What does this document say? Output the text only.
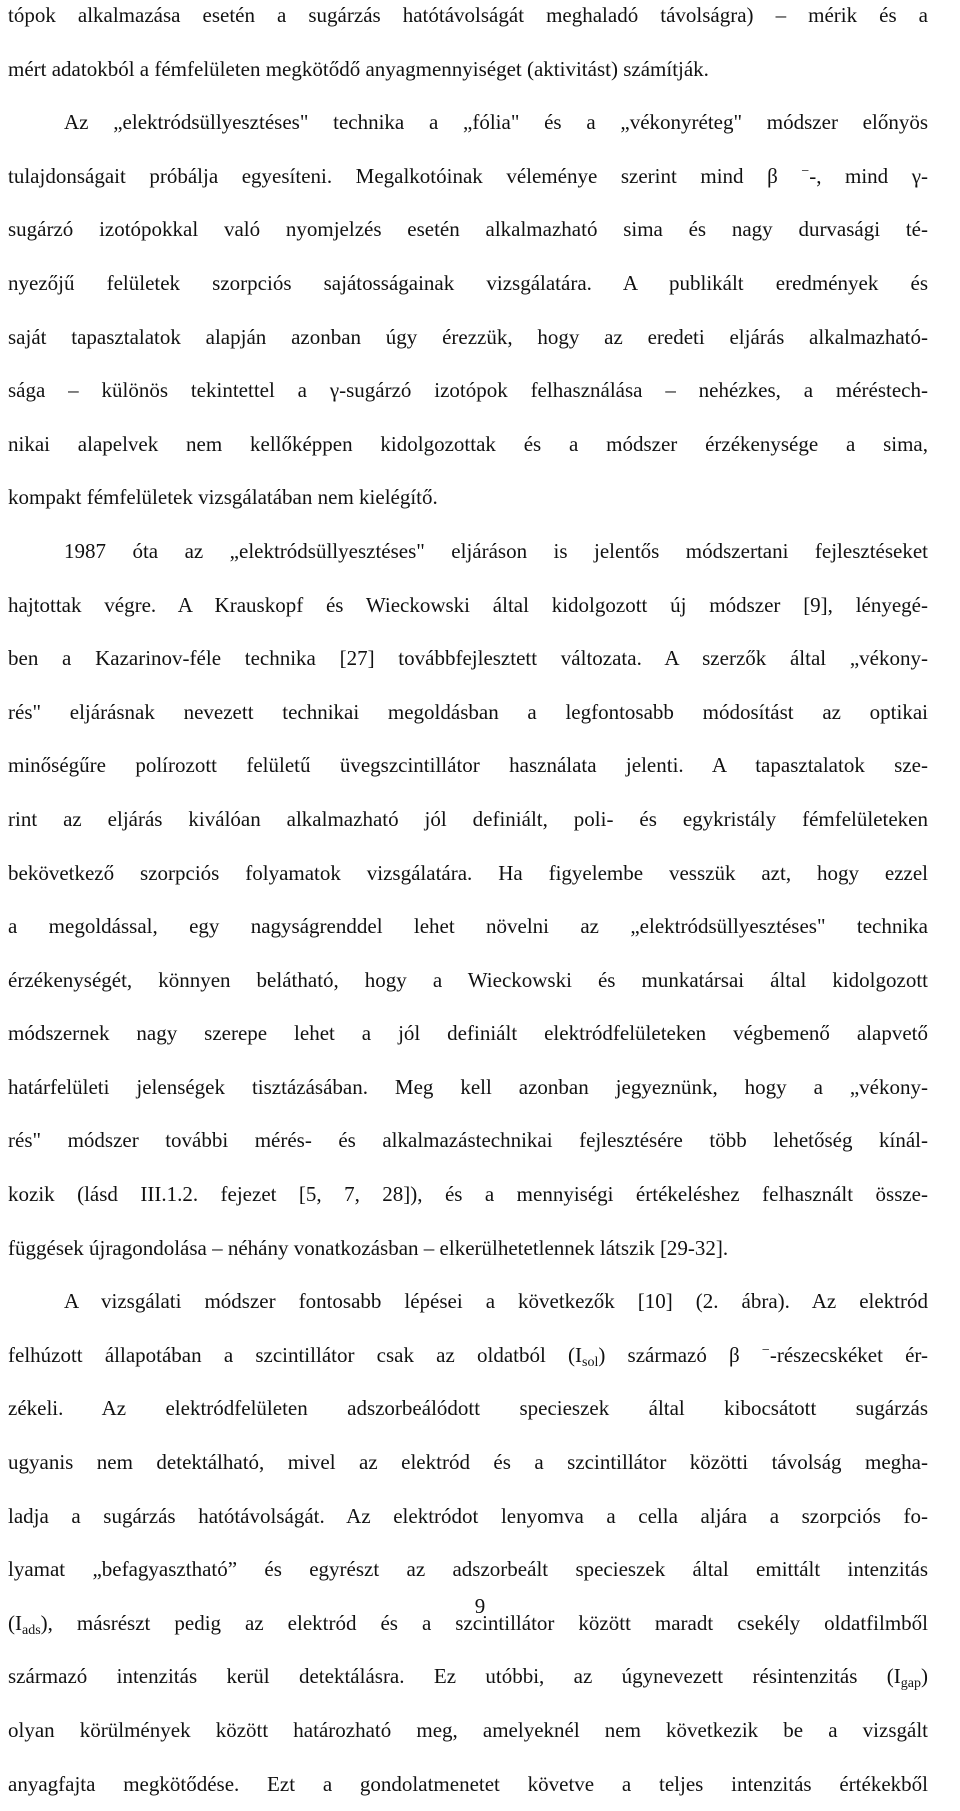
tópok alkalmazása esetén a sugárzás hatótávolságát meghaladó távolságra) – mérik és a
mért adatokból a fémfelületen megkötődő anyagmennyiséget (aktivitást) számítják.
Az „elektródsüllyesztéses" technika a „fólia" és a „vékonyréteg" módszer előnyös
tulajdonságait próbálja egyesíteni. Megalkotóinak véleménye szerint mind β −-, mind γ-
sugárzó izotópokkal való nyomjelzés esetén alkalmazható sima és nagy durvasági té-
nyezőjű felületek szorpciós sajátosságainak vizsgálatára. A publikált eredmények és
saját tapasztalatok alapján azonban úgy érezzük, hogy az eredeti eljárás alkalmazható-
sága – különös tekintettel a γ-sugárzó izotópok felhasználása – nehézkes, a méréstech-
nikai alapelvek nem kellőképpen kidolgozottak és a módszer érzékenysége a sima,
kompakt fémfelületek vizsgálatában nem kielégítő.
1987 óta az „elektródsüllyesztéses" eljáráson is jelentős módszertani fejlesztéseket
hajtottak végre. A Krauskopf és Wieckowski által kidolgozott új módszer [9], lényegé-
ben a Kazarinov-féle technika [27] továbbfejlesztett változata. A szerzők által „vékony-
rés" eljárásnak nevezett technikai megoldásban a legfontosabb módosítást az optikai
minőségűre polírozott felületű üvegszcintillátor használata jelenti. A tapasztalatok sze-
rint az eljárás kiválóan alkalmazható jól definiált, poli- és egykristály fémfelületeken
bekövetkező szorpciós folyamatok vizsgálatára. Ha figyelembe vesszük azt, hogy ezzel
a megoldással, egy nagyságrenddel lehet növelni az „elektródsüllyesztéses" technika
érzékenységét, könnyen belátható, hogy a Wieckowski és munkatársai által kidolgozott
módszernek nagy szerepe lehet a jól definiált elektródfelületeken végbemenő alapvető
határfelületi jelenségek tisztázásában. Meg kell azonban jegyeznünk, hogy a „vékony-
rés" módszer további mérés- és alkalmazástechnikai fejlesztésére több lehetőség kínál-
kozik (lásd III.1.2. fejezet [5, 7, 28]), és a mennyiségi értékeléshez felhasznált össze-
függések újragondolása – néhány vonatkozásban – elkerülhetetlennek látszik [29-32].
A vizsgálati módszer fontosabb lépései a következők [10] (2. ábra). Az elektród
felhúzott állapotában a szcintillátor csak az oldatból $(I_{sol})$ származó β −-részecskéket ér-
zékeli. Az elektródfelületen adszorbeálódott specieszek által kibocsátott sugárzás
ugyanis nem detektálható, mivel az elektród és a szcintillátor közötti távolság megha-
ladja a sugárzás hatótávolságát. Az elektródot lenyomva a cella aljára a szorpciós fo-
lyamat „befagyasztható” és egyrészt az adszorbeált specieszek által emittált intenzitás
$(I_{ads})$, másrészt pedig az elektród és a szcintillátor között maradt csekély oldatfilmből
származó intenzitás kerül detektálásra. Ez utóbbi, az úgynevezett résintenzitás $(I_{gap})$
olyan körülmények között határozható meg, amelyeknél nem következik be a vizsgált
anyagfajta megkötődése. Ezt a gondolatmenetet követve a teljes intenzitás értékekből
9
